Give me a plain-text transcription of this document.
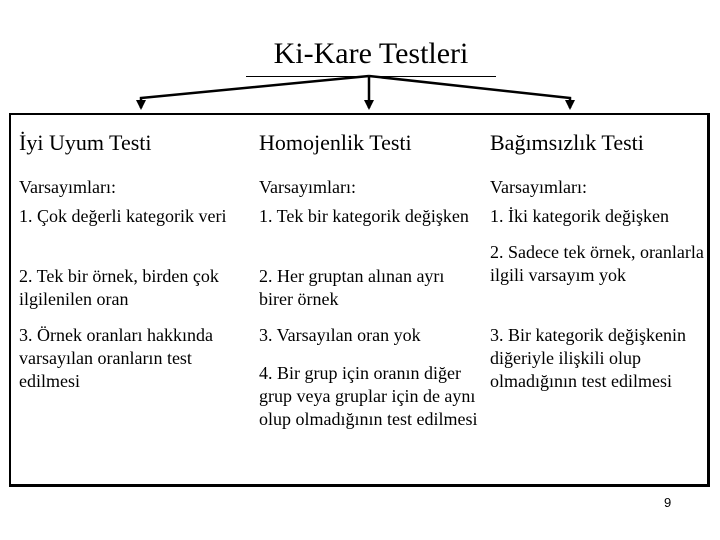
Ki-Kare Testleri
İyi Uyum Testi
Varsayımları:
1. Çok değerli kategorik veri
2. Tek bir örnek, birden çok ilgilenilen oran
3. Örnek oranları hakkında varsayılan oranların test edilmesi
Homojenlik Testi
Varsayımları:
1. Tek bir kategorik değişken
2. Her gruptan alınan ayrı birer örnek
3. Varsayılan oran yok
4. Bir grup için oranın diğer grup veya gruplar için de aynı olup olmadığının test edilmesi
Bağımsızlık Testi
Varsayımları:
1. İki kategorik değişken
2. Sadece tek örnek, oranlarla ilgili varsayım yok
3. Bir kategorik değişkenin diğeriyle ilişkili olup olmadığının test edilmesi
9
